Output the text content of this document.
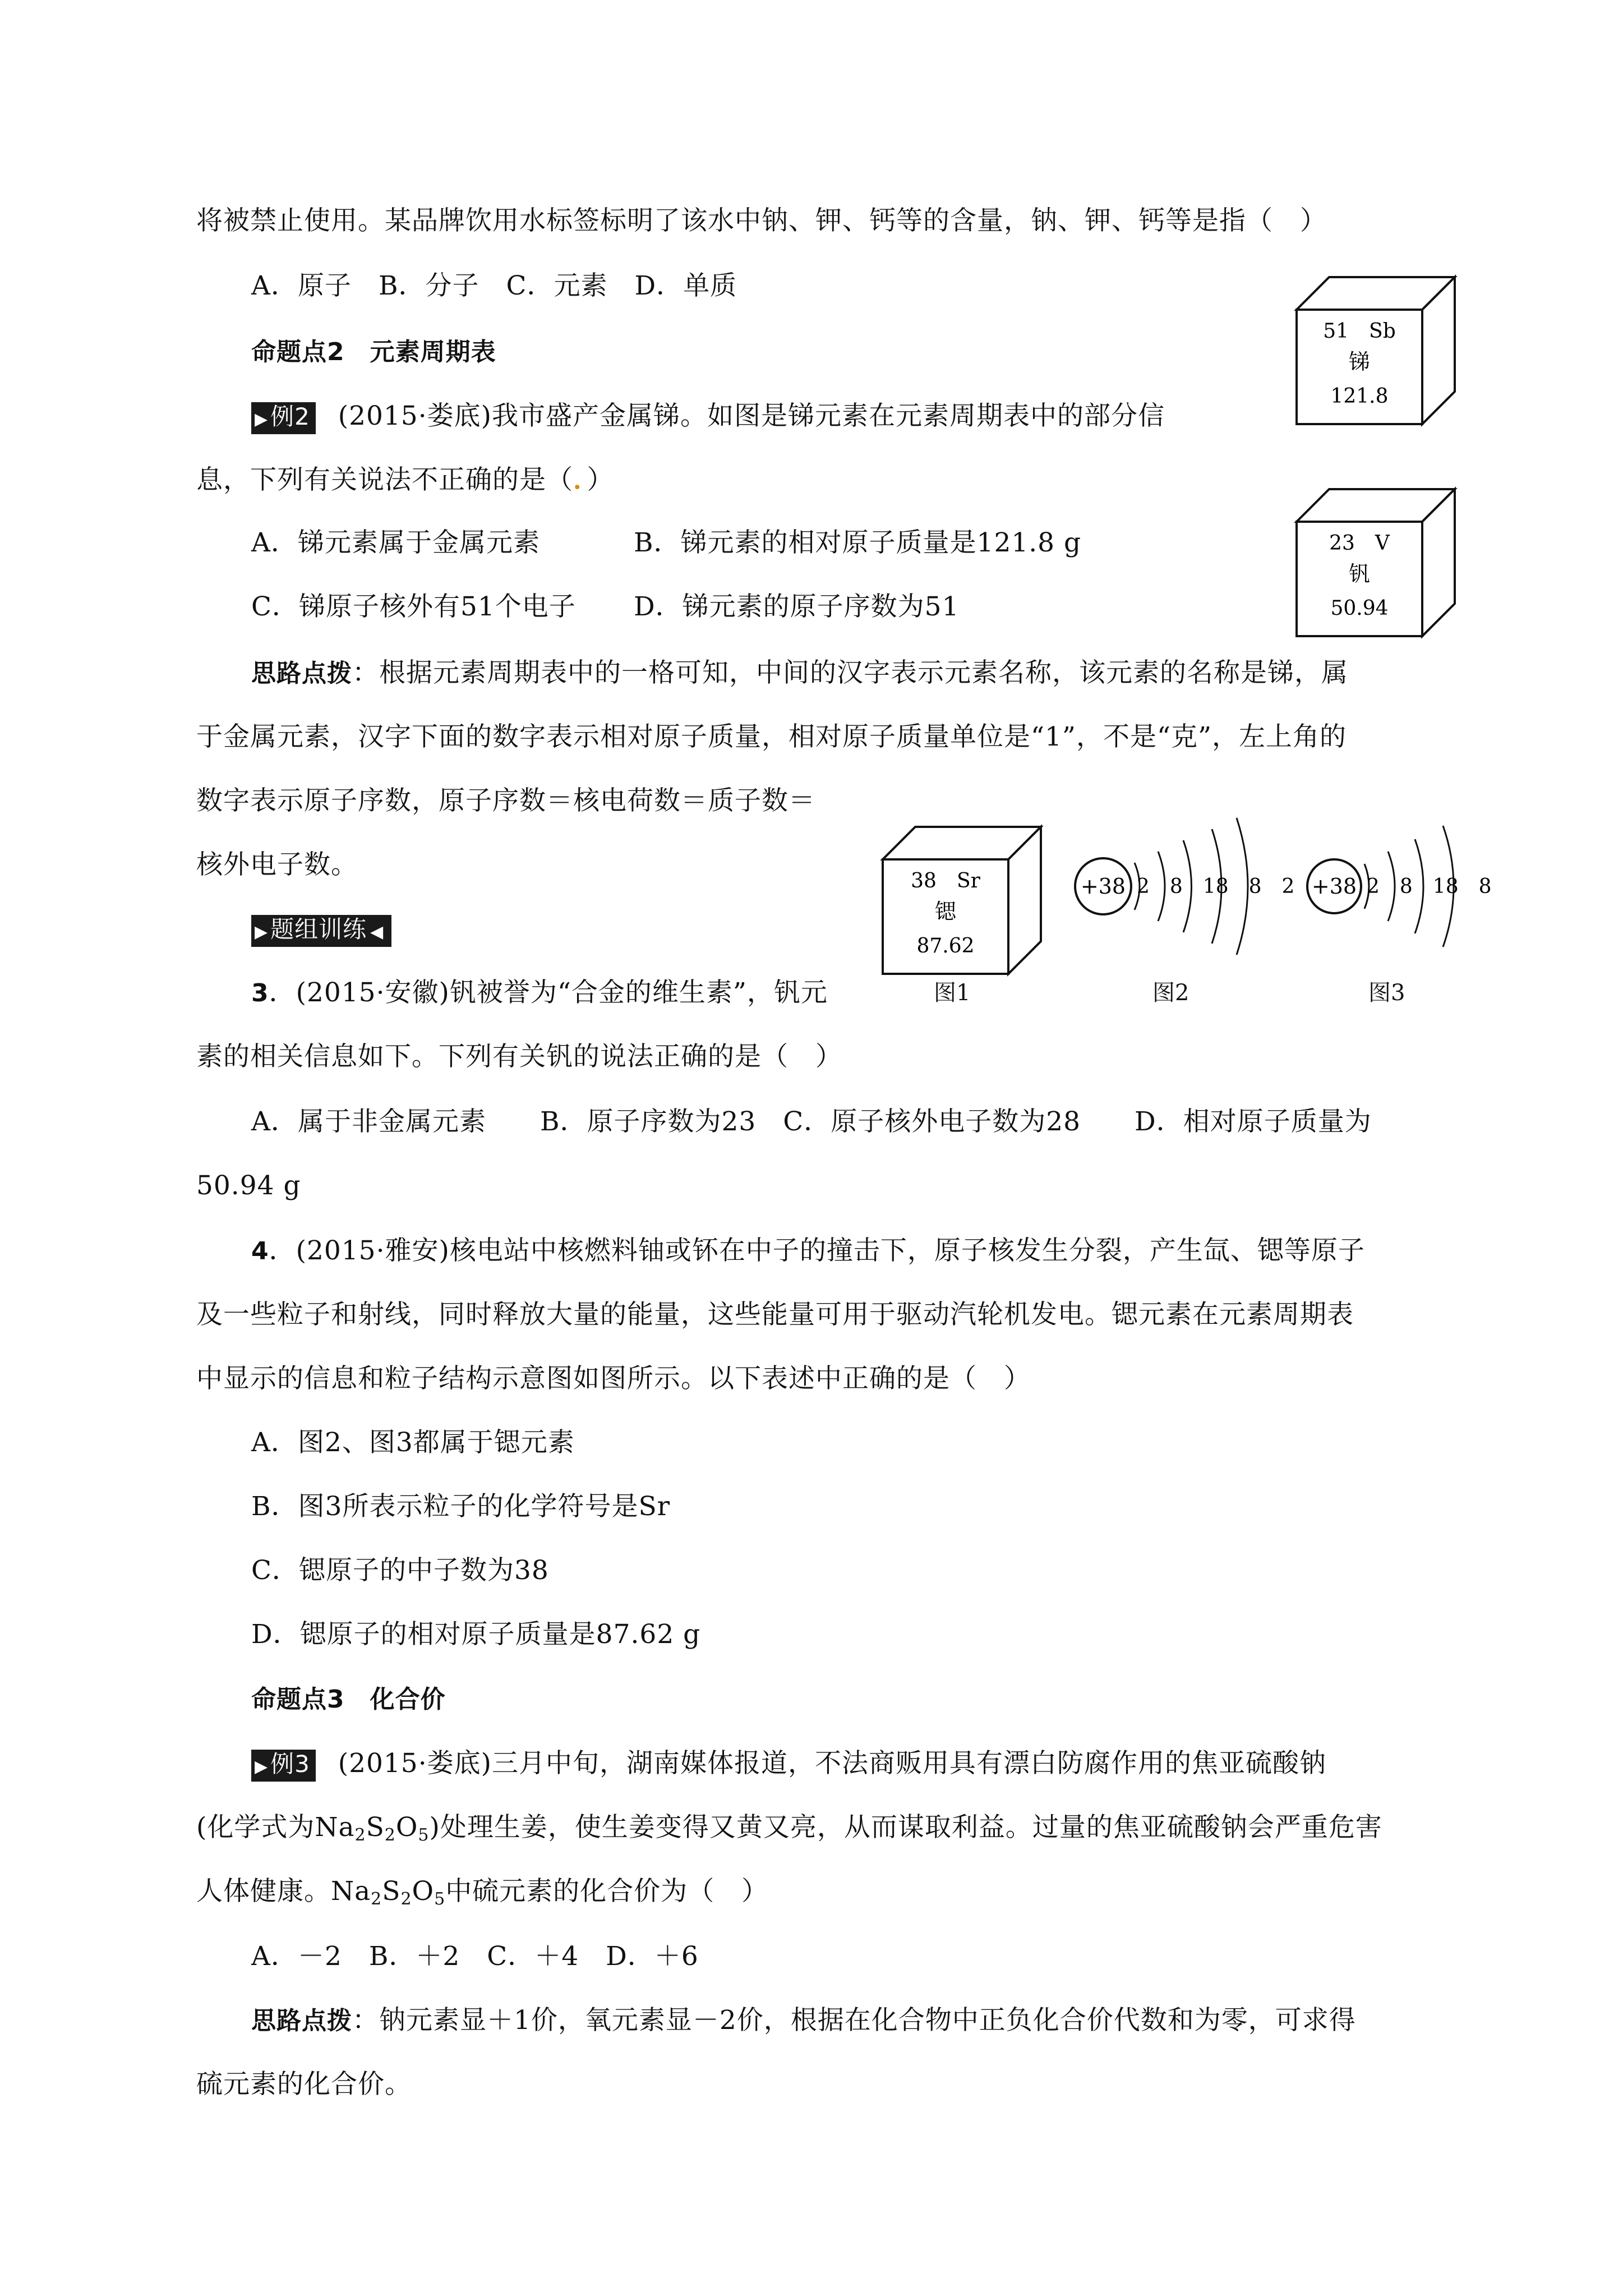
将被禁止使用。某品牌饮用水标签标明了该水中钠、钾、钙等的含量，钠、钾、钙等是指（　）
A．原子　B．分子　C．元素　D．单质
命题点2　元素周期表
▶例2 (2015·娄底)我市盛产金属锑。如图是锑元素在元素周期表中的部分信
息，下列有关说法不正确的是（．）
A．锑元素属于金属元素	B．锑元素的相对原子质量是121.8 g
C．锑原子核外有51个电子 D．锑元素的原子序数为51
思路点拨：根据元素周期表中的一格可知，中间的汉字表示元素名称，该元素的名称是锑，属
于金属元素，汉字下面的数字表示相对原子质量，相对原子质量单位是“1”，不是“克”，左上角的
数字表示原子序数，原子序数＝核电荷数＝质子数＝
核外电子数。
▶题组训练 ◀
3．(2015·安徽)钒被誉为“合金的维生素”，钒元
素的相关信息如下。下列有关钒的说法正确的是（　）
A．属于非金属元素　　B．原子序数为23　C．原子核外电子数为28　　D．相对原子质量为
50.94 g
4．(2015·雅安)核电站中核燃料铀或钚在中子的撞击下，原子核发生分裂，产生氙、锶等原子
及一些粒子和射线，同时释放大量的能量，这些能量可用于驱动汽轮机发电。锶元素在元素周期表
中显示的信息和粒子结构示意图如图所示。以下表述中正确的是（　）
A．图2、图3都属于锶元素
B．图3所表示粒子的化学符号是Sr
C．锶原子的中子数为38
D．锶原子的相对原子质量是87.62 g
命题点3　化合价
▶例3 (2015·娄底)三月中旬，湖南媒体报道，不法商贩用具有漂白防腐作用的焦亚硫酸钠
(化学式为$Na_2S_2O_5$)处理生姜，使生姜变得又黄又亮，从而谋取利益。过量的焦亚硫酸钠会严重危害
人体健康。$Na_2S_2O_5$中硫元素的化合价为（　）
A．－2　B．＋2　C．＋4　D．＋6
思路点拨：钠元素显＋1价，氧元素显－2价，根据在化合物中正负化合价代数和为零，可求得
硫元素的化合价。
51　Sb
锑
121.8
23　V
钒
50.94
38　Sr
锶
87.62
图1
+38 2　8　18　8　2
图2
+38 2　8　18　8
图3
